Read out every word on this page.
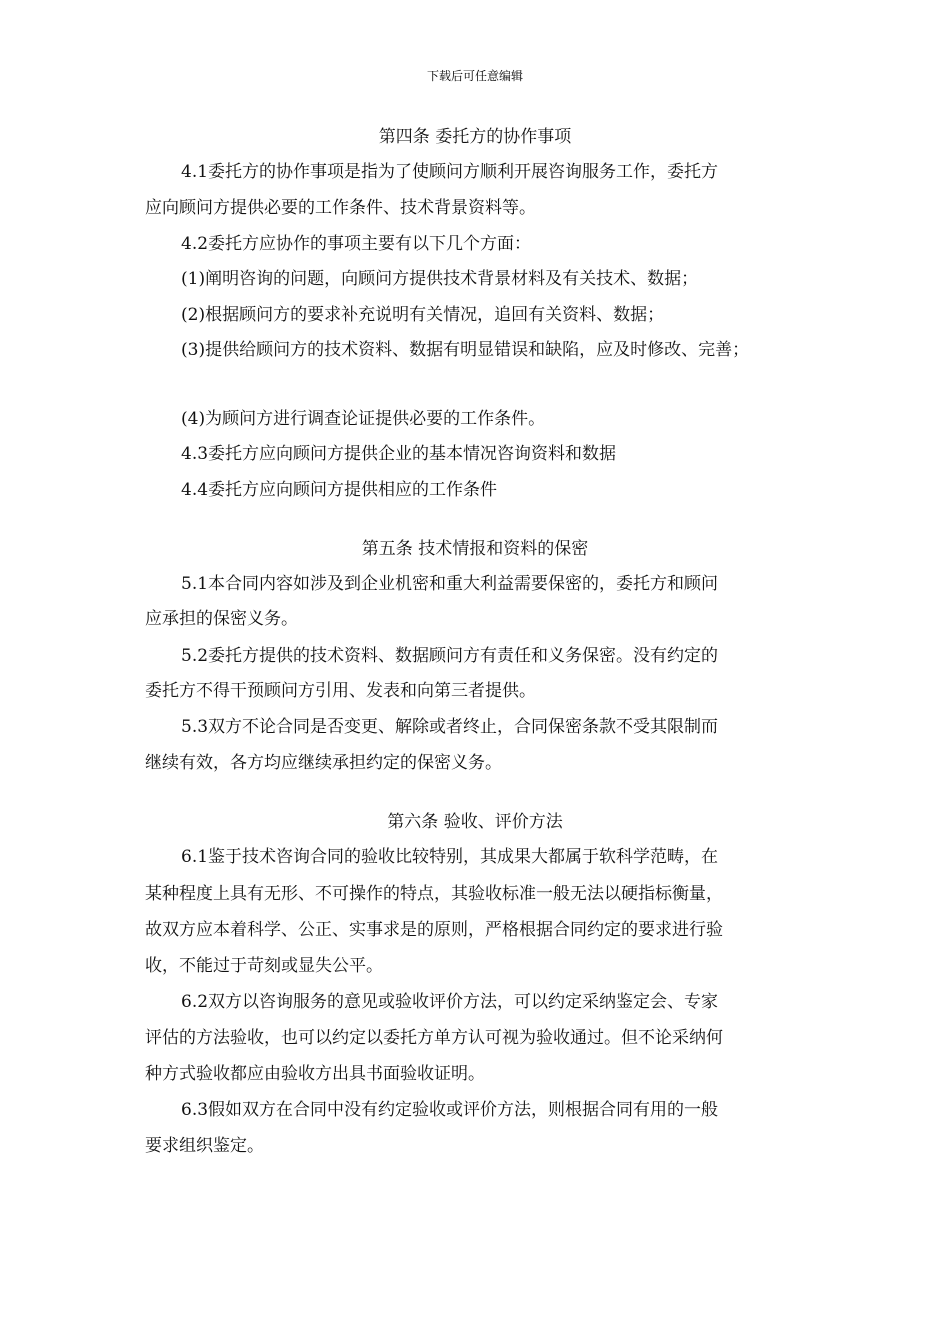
下载后可任意编辑
第四条 委托方的协作事项
4.1委托方的协作事项是指为了使顾问方顺利开展咨询服务工作，委托方
应向顾问方提供必要的工作条件、技术背景资料等。
4.2委托方应协作的事项主要有以下几个方面：
(1)阐明咨询的问题，向顾问方提供技术背景材料及有关技术、数据；
(2)根据顾问方的要求补充说明有关情况，追回有关资料、数据；
(3)提供给顾问方的技术资料、数据有明显错误和缺陷，应及时修改、完善；
(4)为顾问方进行调查论证提供必要的工作条件。
4.3委托方应向顾问方提供企业的基本情况咨询资料和数据
4.4委托方应向顾问方提供相应的工作条件
第五条 技术情报和资料的保密
5.1本合同内容如涉及到企业机密和重大利益需要保密的，委托方和顾问
应承担的保密义务。
5.2委托方提供的技术资料、数据顾问方有责任和义务保密。没有约定的
委托方不得干预顾问方引用、发表和向第三者提供。
5.3双方不论合同是否变更、解除或者终止，合同保密条款不受其限制而
继续有效，各方均应继续承担约定的保密义务。
第六条 验收、评价方法
6.1鉴于技术咨询合同的验收比较特别，其成果大都属于软科学范畴，在
某种程度上具有无形、不可操作的特点，其验收标准一般无法以硬指标衡量，
故双方应本着科学、公正、实事求是的原则，严格根据合同约定的要求进行验
收，不能过于苛刻或显失公平。
6.2双方以咨询服务的意见或验收评价方法，可以约定采纳鉴定会、专家
评估的方法验收，也可以约定以委托方单方认可视为验收通过。但不论采纳何
种方式验收都应由验收方出具书面验收证明。
6.3假如双方在合同中没有约定验收或评价方法，则根据合同有用的一般
要求组织鉴定。
